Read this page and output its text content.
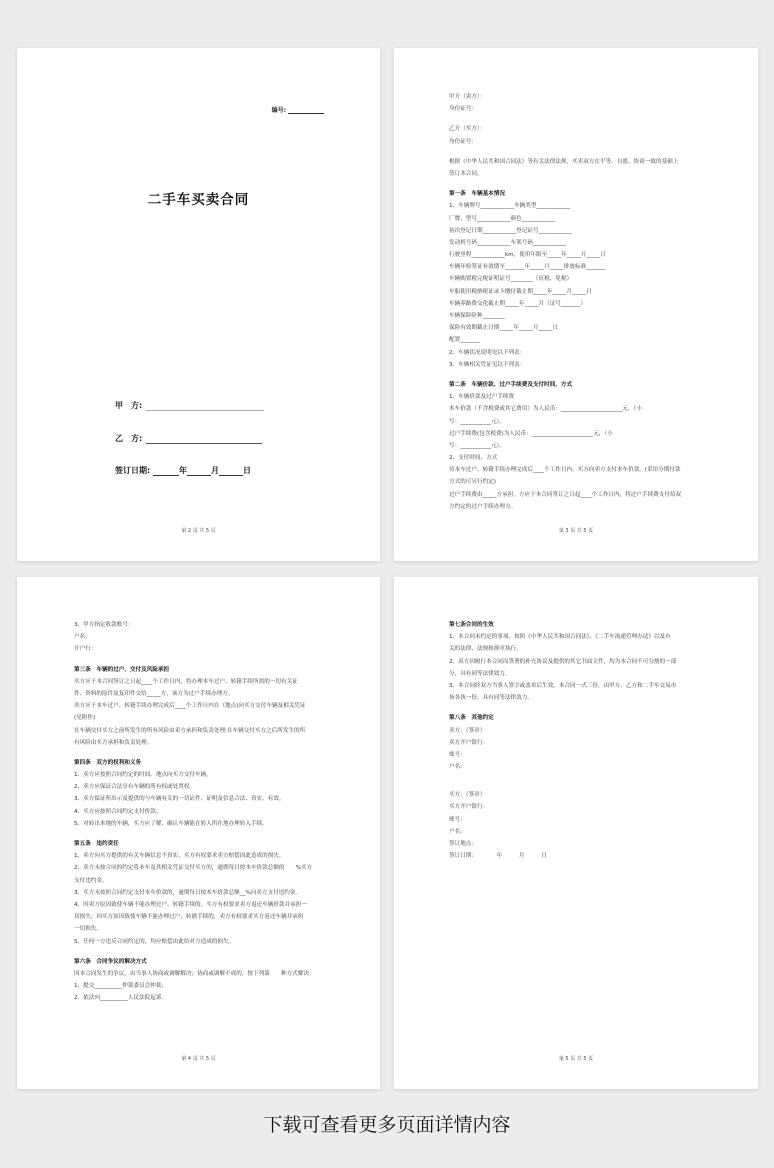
编号:
二手车买卖合同
甲　方:
乙　方:
签订日期:	年	月	日
第 2 页 共 5 页
甲方（卖方）：
身份证号：
乙方（买方）：
身份证号：
根据《中华人民共和国合同法》等有关法律法规，买卖双方在平等、自愿、协商一致的基础上
签订本合同。
第一条　车辆基本情况
1、车辆牌号____________车辆类型____________
厂牌、型号____________颜色____________
初次登记日期____________登记证号____________
发动机号码____________车架号码____________
行驶里程____________km，使用年限至_____年_____月_____日
车辆年检签证有效期至_______年_____月_____排放标准_______
车辆购置税完税证明证号________（征税、免税）
车船使用税纳税证录卡缴付截止期_____年_____月_____日
车辆养路费交化截止期_____年_____月（证号_______）
车辆保险险种________
保险有效期截止日期_____年_____月_____日
配置_______
2、车辆状况说明见以下列表：
3、车辆相关凭证见以下列表：
第二条　车辆价款、过户手续费及支付时间、方式
1、车辆价款及过户手续费
本车价款（不含税费或其它费用）为人民币：______________________元，（小
写：___________元）。
过户手续费(包含税费)为人民币：______________________元，（小
写：___________元）。
2、支付时间、方式
待本车过户、转籍手续办理完成后____个工作日内，买方向卖方支付本车价款。(采用分期付款
方式的可另行约定)
过户手续费由_____方承担。方应于本合同签订之日起____个工作日内，将过户手续费支付给双
方约定的过户手续办理方。
第 3 页 共 5 页
3、甲方指定收款账号：
户名：
开户行：
第三条　车辆的过户、交付及风险承担
买方应于本合同签订之日起____个工作日内，将办理本车过户、转籍手续所需的一切有关证
件、资料的原件及复印件交给_____方，该方为过户手续办理方。
卖方应于本车过户、转籍手续办理完成后____个工作日内在（地点)向买方交付车辆及相关凭证
(见附件)
在车辆交付买方之前所发生的所有风险由卖方承担和负责处理;在车辆交付买方之后所发生的所
有风险由买方承担和负责处理。
第四条　双方的权利和义务
1、卖方应按照合同约定的时间、地点向买方交付车辆。
2、卖方应保证合法享有车辆的所有权或处置权。
3、卖方保证所出示及提供的与车辆有关的一切证件、证明及信息合法、真实、有效。
4、买方应按照合同约定支付价款。
5、对转出本地的车辆，买方应了解、确认车辆能在转入所在地办理转入手续。
第五条　违约责任
1、卖方向买方提供的有关车辆信息不真实，买方有权要求卖方赔偿因此造成的损失。
2、卖方未按合同的约定将本车及其相关凭证交付买方的，逾期每日按本车价款总额的　　%买方
支付违约金。
3、买方未按照合同约定支付本车价款的，逾期每日按本车价款总额__%向卖方支付违约金。
4、因卖方原因致使车辆不能办理过户、转籍手续的，买方有权要求卖方返还车辆价款并承担一
切损失；因买方原因致使车辆不能办理过户、转籍手续的，卖方有权要求买方返还车辆并承担
一切损失。
5、任何一方违反合同约定的，均应赔偿由此给对方造成的损失。
第六条　合同争议的解决方式
因本合同发生的争议，由当事人协商或调解解决；协商或调解不成的，按下列第　　种方式解决：
1、提交__________仲裁委员会仲裁；
2、依法向__________人民法院起诉。
第 4 页 共 5 页
第七条合同的生效
1、本合同未约定的事项，按照《中华人民共和国合同法》、《二手车流通管理办法》以及有
关的法律、法规和规章执行。
2、双方因履行本合同而签署的补充协议及提供的其它书面文件，均为本合同不可分割的一部
分，具有同等法律效力。
3、本合同经双方当事人签字或盖章后生效。本合同一式三份，由甲方、乙方和二手车交易市
场各执一份，具有同等法律效力。
第八条　其他约定
卖方：（签章）
卖方开户银行：
账号：
户名：
买方：（签章）
买方开户银行：
账号：
户名：
签订地点：
签订日期：　　　　年　　　月　　　日
第 5 页 共 5 页
下载可查看更多页面详情内容
